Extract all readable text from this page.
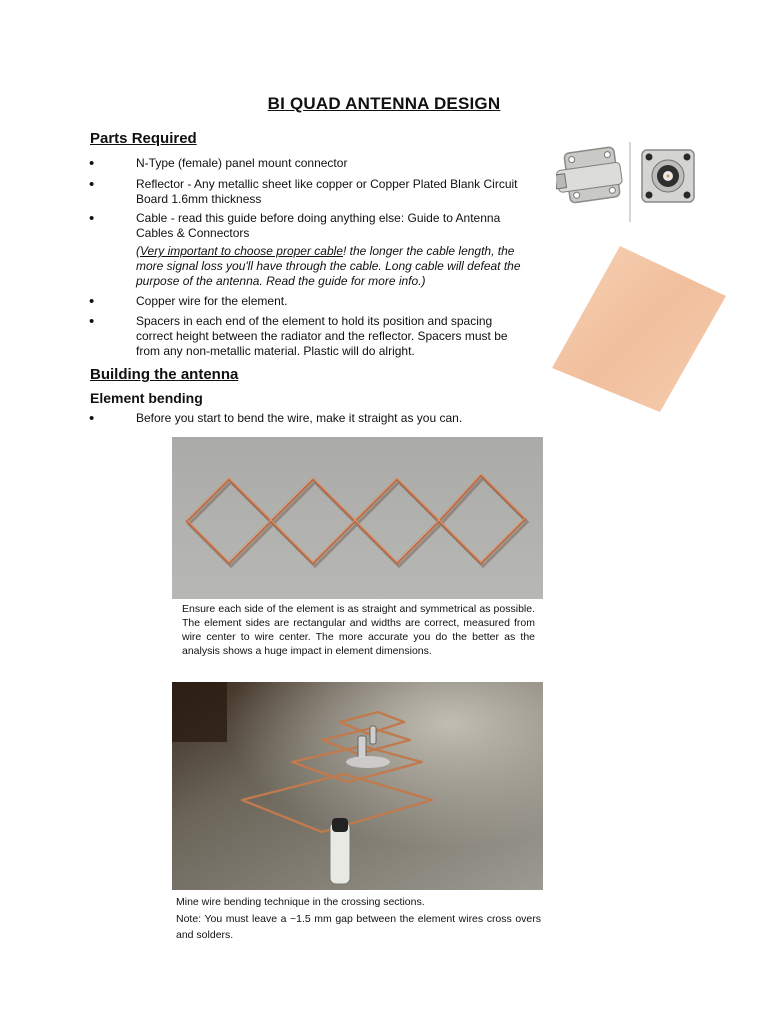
BI QUAD ANTENNA DESIGN
Parts Required
•	N-Type (female) panel mount connector
•	Reflector - Any metallic sheet like copper or Copper Plated Blank Circuit Board 1.6mm thickness
•	Cable - read this guide before doing anything else: Guide to Antenna Cables & Connectors
(Very important to choose proper cable! the longer the cable length, the more signal loss you'll have through the cable. Long cable will defeat the purpose of the antenna. Read the guide for more info.)
•	Copper wire for the element.
•	Spacers in each end of the element to hold its position and spacing correct height between the radiator and the reflector. Spacers must be from any non-metallic material. Plastic will do alright.
Building the antenna
Element bending
•	Before you start to bend the wire, make it straight as you can.
Ensure each side of the element is as straight and symmetrical as possible. The element sides are rectangular and widths are correct, measured from wire center to wire center. The more accurate you do the better as the analysis shows a huge impact in element dimensions.
Mine wire bending technique in the crossing sections.
Note: You must leave a ~1.5 mm gap between the element wires cross overs and solders.
